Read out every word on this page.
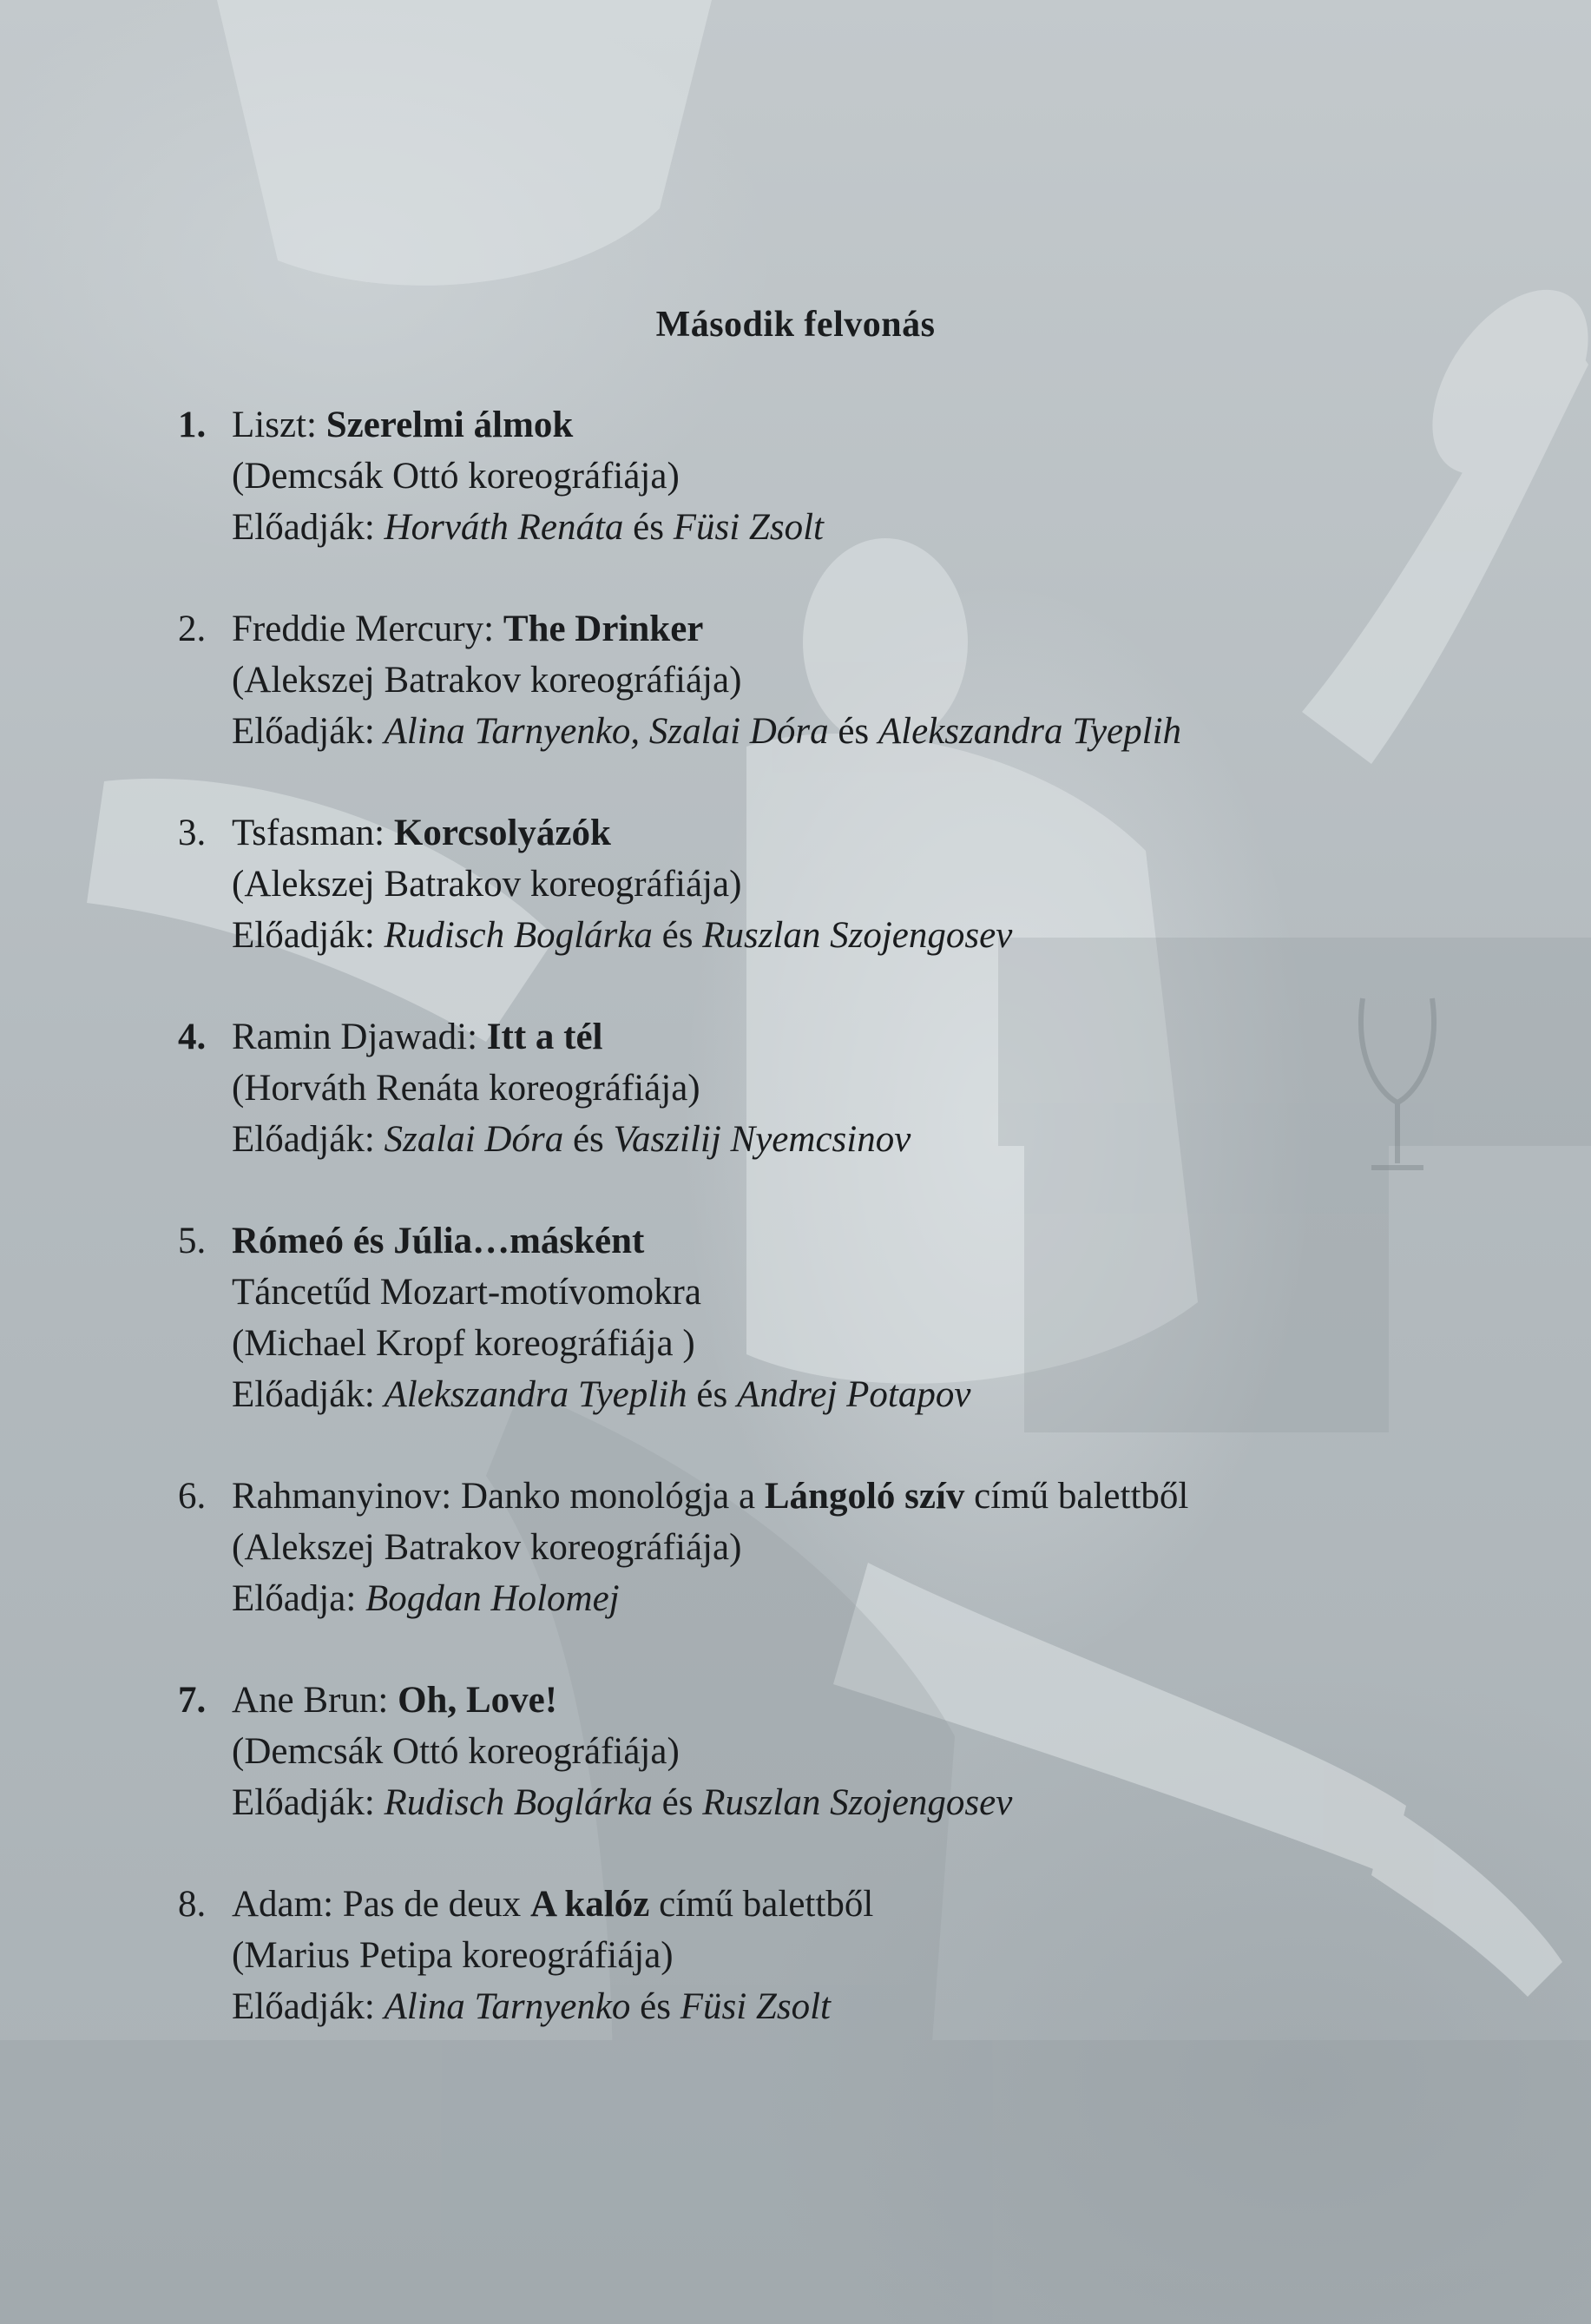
Második felvonás
1. Liszt: Szerelmi álmok
(Demcsák Ottó koreográfiája)
Előadják: Horváth Renáta és Füsi Zsolt
2. Freddie Mercury: The Drinker
(Alekszej Batrakov koreográfiája)
Előadják: Alina Tarnyenko, Szalai Dóra és Alekszandra Tyeplih
3. Tsfasman: Korcsolyázók
(Alekszej Batrakov koreográfiája)
Előadják: Rudisch Boglárka és Ruszlan Szojengosev
4. Ramin Djawadi: Itt a tél
(Horváth Renáta koreográfiája)
Előadják: Szalai Dóra és Vaszilij Nyemcsinov
5. Rómeó és Júlia…másként
Táncetűd Mozart-motívomokra
(Michael Kropf koreográfiája )
Előadják: Alekszandra Tyeplih és Andrej Potapov
6. Rahmanyinov: Danko monológja a Lángoló szív című balettből
(Alekszej Batrakov koreográfiája)
Előadja: Bogdan Holomej
7. Ane Brun: Oh, Love!
(Demcsák Ottó koreográfiája)
Előadják: Rudisch Boglárka és Ruszlan Szojengosev
8. Adam: Pas de deux A kalóz című balettből
(Marius Petipa koreográfiája)
Előadják: Alina Tarnyenko és Füsi Zsolt
